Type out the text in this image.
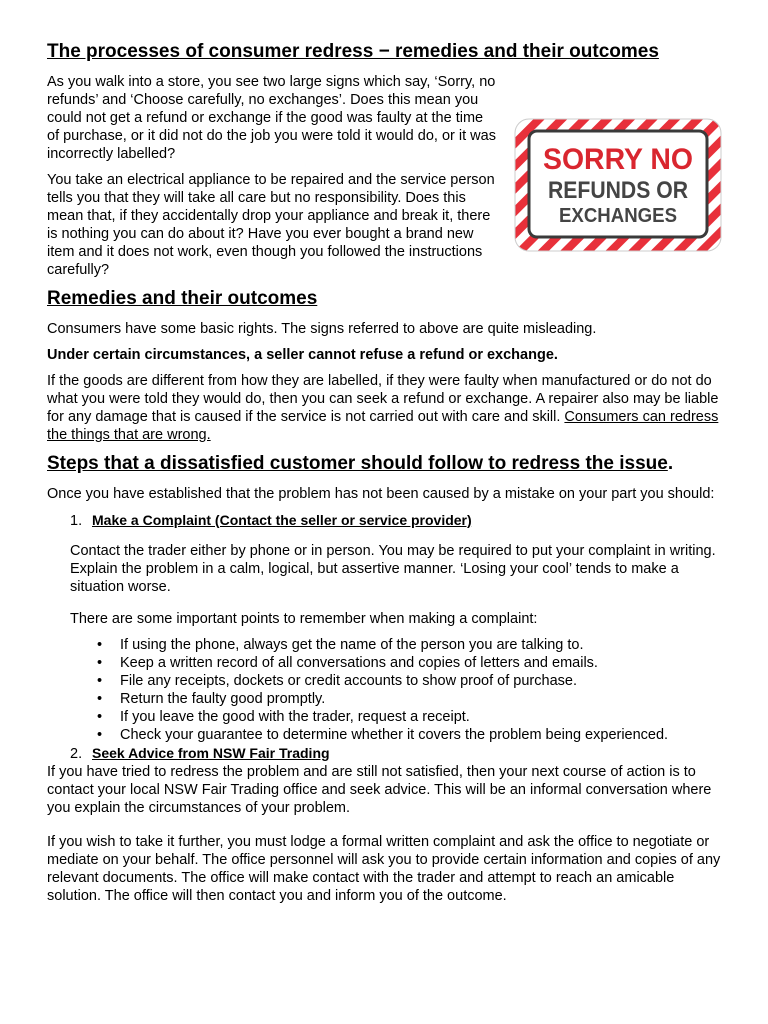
The processes of consumer redress − remedies and their outcomes
SORRY NO
REFUNDS OR
EXCHANGES

As you walk into a store, you see two large signs which say, ‘Sorry, no refunds’ and ‘Choose carefully, no exchanges’. Does this mean you could not get a refund or exchange if the good was faulty at the time of purchase, or it did not do the job you were told it would do, or it was incorrectly labelled?

You take an electrical appliance to be repaired and the service person tells you that they will take all care but no responsibility. Does this mean that, if they accidentally drop your appliance and break it, there is nothing you can do about it? Have you ever bought a brand new item and it does not work, even though you followed the instructions carefully?

Remedies and their outcomes

Consumers have some basic rights. The signs referred to above are quite misleading.

Under certain circumstances, a seller cannot refuse a refund or exchange.

If the goods are different from how they are labelled, if they were faulty when manufactured or do not do what you were told they would do, then you can seek a refund or exchange. A repairer also may be liable for any damage that is caused if the service is not carried out with care and skill. Consumers can redress the things that are wrong.

Steps that a dissatisfied customer should follow to redress the issue.

Once you have established that the problem has not been caused by a mistake on your part you should:

1. Make a Complaint (Contact the seller or service provider)

Contact the trader either by phone or in person. You may be required to put your complaint in writing. Explain the problem in a calm, logical, but assertive manner. ‘Losing your cool’ tends to make a situation worse.

There are some important points to remember when making a complaint:

• If using the phone, always get the name of the person you are talking to.
• Keep a written record of all conversations and copies of letters and emails.
• File any receipts, dockets or credit accounts to show proof of purchase.
• Return the faulty good promptly.
• If you leave the good with the trader, request a receipt.
• Check your guarantee to determine whether it covers the problem being experienced.
2. Seek Advice from NSW Fair Trading

If you have tried to redress the problem and are still not satisfied, then your next course of action is to contact your local NSW Fair Trading office and seek advice. This will be an informal conversation where you explain the circumstances of your problem.

If you wish to take it further, you must lodge a formal written complaint and ask the office to negotiate or mediate on your behalf. The office personnel will ask you to provide certain information and copies of any relevant documents. The office will make contact with the trader and attempt to reach an amicable solution. The office will then contact you and inform you of the outcome.
